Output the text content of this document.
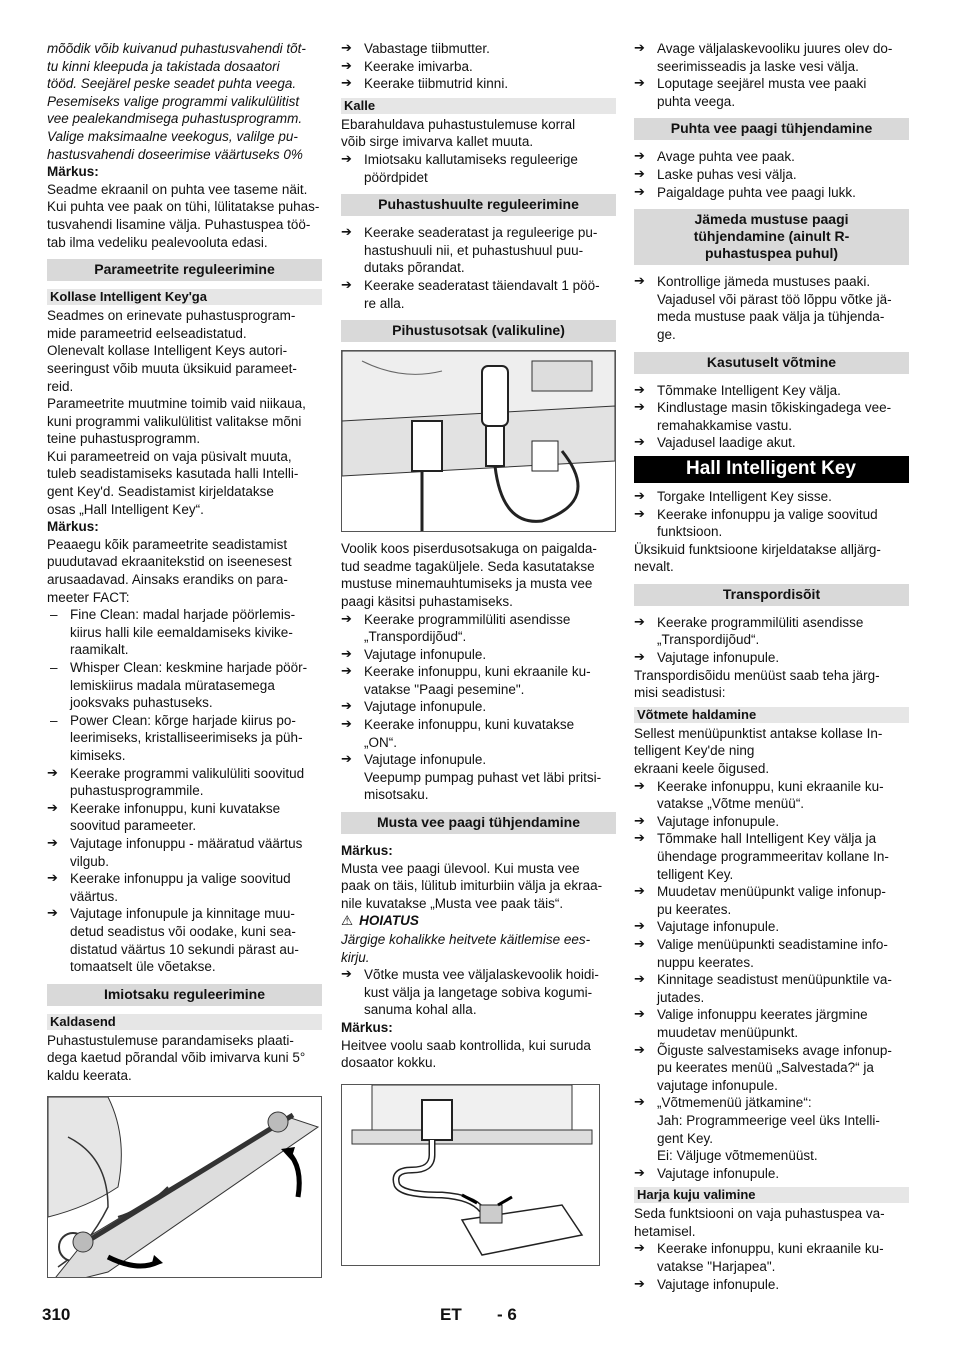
mõõdik võib kuivanud puhastusvahendi tõt-
tu kinni kleepuda ja takistada dosaatori
tööd. Seejärel peske seadet puhta veega.
Pesemiseks valige programmi valikulülitist
vee pealekandmisega puhastusprogramm.
Valige maksimaalne veekogus, valilge pu-
hastusvahendi doseerimise väärtuseks 0%
Märkus:
Seadme ekraanil on puhta vee taseme näit.
Kui puhta vee paak on tühi, lülitatakse puhas-
tusvahendi lisamine välja. Puhastuspea töö-
tab ilma vedeliku pealevooluta edasi.
Parameetrite reguleerimine
Kollase Intelligent Key'ga
Seadmes on erinevate puhastusprogram-
mide parameetrid eelseadistatud.
Olenevalt kollase Intelligent Keys autori-
seeringust võib muuta üksikuid parameet-
reid.
Parameetrite muutmine toimib vaid niikaua,
kuni programmi valikulülitist valitakse mõni
teine puhastusprogramm.
Kui parameetreid on vaja püsivalt muuta,
tuleb seadistamiseks kasutada halli Intelli-
gent Key'd. Seadistamist kirjeldatakse
osas „Hall Intelligent Key“.
Märkus:
Peaaegu kõik parameetrite seadistamist
puudutavad ekraanitekstid on iseenesest
arusaadavad. Ainsaks erandiks on para-
meeter FACT:
– Fine Clean: madal harjade pöörlemis-
kiirus halli kile eemaldamiseks kivike-
raamikalt.
– Whisper Clean: keskmine harjade pöör-
lemiskiirus madala müratasemega
jooksvaks puhastuseks.
– Power Clean: kõrge harjade kiirus po-
leerimiseks, kristalliseerimiseks ja püh-
kimiseks.
➔ Keerake programmi valikulüliti soovitud
puhastusprogrammile.
➔ Keerake infonuppu, kuni kuvatakse
soovitud parameeter.
➔ Vajutage infonuppu - määratud väärtus
vilgub.
➔ Keerake infonuppu ja valige soovitud
väärtus.
➔ Vajutage infonupule ja kinnitage muu-
detud seadistus või oodake, kuni sea-
distatud väärtus 10 sekundi pärast au-
tomaatselt üle võetakse.
Imiotsaku reguleerimine
Kaldasend
Puhastustulemuse parandamiseks plaati-
dega kaetud põrandal võib imivarva kuni 5°
kaldu keerata.
➔ Vabastage tiibmutter.
➔ Keerake imivarba.
➔ Keerake tiibmutrid kinni.
Kalle
Ebarahuldava puhastustulemuse korral
võib sirge imivarva kallet muuta.
➔ Imiotsaku kallutamiseks reguleerige
pöördpidet
Puhastushuulte reguleerimine
➔ Keerake seaderatast ja reguleerige pu-
hastushuuli nii, et puhastushuul puu-
dutaks põrandat.
➔ Keerake seaderatast täiendavalt 1 pöö-
re alla.
Pihustusotsak (valikuline)
Voolik koos piserdusotsakuga on paigalda-
tud seadme tagaküljele. Seda kasutatakse
mustuse minemauhtumiseks ja musta vee
paagi käsitsi puhastamiseks.
➔ Keerake programmilüliti asendisse
„Transpordijõud“.
➔ Vajutage infonupule.
➔ Keerake infonuppu, kuni ekraanile ku-
vatakse "Paagi pesemine".
➔ Vajutage infonupule.
➔ Keerake infonuppu, kuni kuvatakse
„ON“.
➔ Vajutage infonupule.
Veepump pumpag puhast vet läbi pritsi-
misotsaku.
Musta vee paagi tühjendamine
Märkus:
Musta vee paagi ülevool. Kui musta vee
paak on täis, lülitub imiturbiin välja ja ekraa-
nile kuvatakse „Musta vee paak täis“.
⚠ HOIATUS
Järgige kohalikke heitvete käitlemise ees-
kirju.
➔ Võtke musta vee väljalaskevoolik hoidi-
kust välja ja langetage sobiva kogumi-
sanuma kohal alla.
Märkus:
Heitvee voolu saab kontrollida, kui suruda
dosaator kokku.
➔ Avage väljalaskevooliku juures olev do-
seerimisseadis ja laske vesi välja.
➔ Loputage seejärel musta vee paaki
puhta veega.
Puhta vee paagi tühjendamine
➔ Avage puhta vee paak.
➔ Laske puhas vesi välja.
➔ Paigaldage puhta vee paagi lukk.
Jämeda mustuse paagi
tühjendamine (ainult R-
puhastuspea puhul)
➔ Kontrollige jämeda mustuses paaki.
Vajadusel või pärast töö lõppu võtke jä-
meda mustuse paak välja ja tühjenda-
ge.
Kasutuselt võtmine
➔ Tõmmake Intelligent Key välja.
➔ Kindlustage masin tõkiskingadega vee-
remahakkamise vastu.
➔ Vajadusel laadige akut.
Hall Intelligent Key
➔ Torgake Intelligent Key sisse.
➔ Keerake infonuppu ja valige soovitud
funktsioon.
Üksikuid funktsioone kirjeldatakse alljärg-
nevalt.
Transpordisõit
➔ Keerake programmilüliti asendisse
„Transpordijõud“.
➔ Vajutage infonupule.
Transpordisõidu menüüst saab teha järg-
misi seadistusi:
Võtmete haldamine
Sellest menüüpunktist antakse kollase In-
telligent Key'de ning
ekraani keele õigused.
➔ Keerake infonuppu, kuni ekraanile ku-
vatakse „Võtme menüü“.
➔ Vajutage infonupule.
➔ Tõmmake hall Intelligent Key välja ja
ühendage programmeeritav kollane In-
telligent Key.
➔ Muudetav menüüpunkt valige infonup-
pu keerates.
➔ Vajutage infonupule.
➔ Valige menüüpunkti seadistamine info-
nuppu keerates.
➔ Kinnitage seadistust menüüpunktile va-
jutades.
➔ Valige infonuppu keerates järgmine
muudetav menüüpunkt.
➔ Õiguste salvestamiseks avage infonup-
pu keerates menüü „Salvestada?“ ja
vajutage infonupule.
➔ „Võtmemenüü jätkamine“:
Jah: Programmeerige veel üks Intelli-
gent Key.
Ei: Väljuge võtmemenüüst.
➔ Vajutage infonupule.
Harja kuju valimine
Seda funktsiooni on vaja puhastuspea va-
hetamisel.
➔ Keerake infonuppu, kuni ekraanile ku-
vatakse "Harjapea".
➔ Vajutage infonupule.
310	ET - 6
